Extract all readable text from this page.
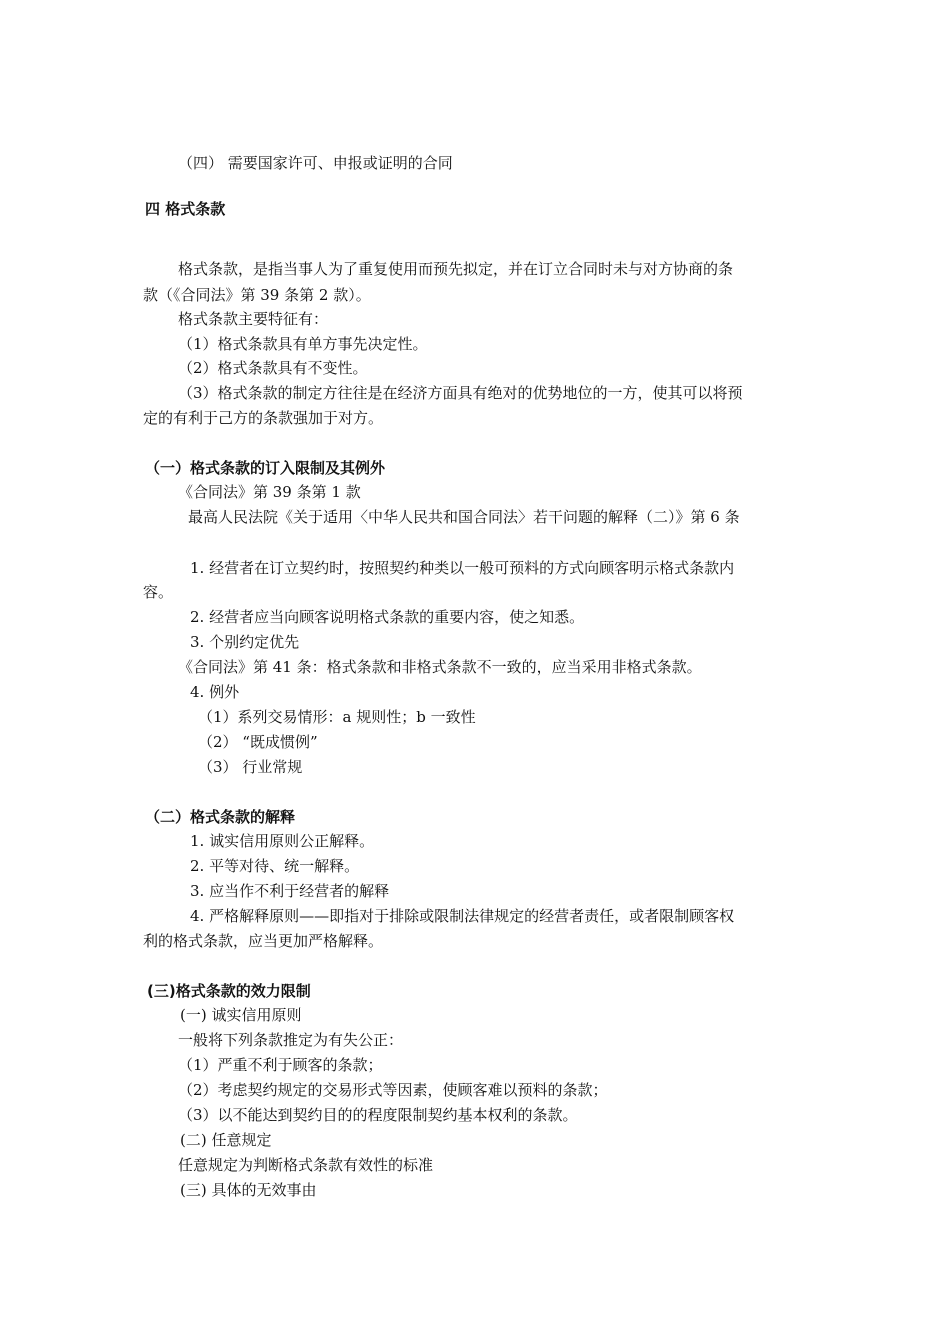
（四） 需要国家许可、申报或证明的合同
四 格式条款
格式条款，是指当事人为了重复使用而预先拟定，并在订立合同时未与对方协商的条
款（《合同法》第 39 条第 2 款）。
格式条款主要特征有：
（1）格式条款具有单方事先决定性。
（2）格式条款具有不变性。
（3）格式条款的制定方往往是在经济方面具有绝对的优势地位的一方，使其可以将预
定的有利于己方的条款强加于对方。
（一）格式条款的订入限制及其例外
《合同法》第 39 条第 1 款
最高人民法院《关于适用〈中华人民共和国合同法〉若干问题的解释（二）》第 6 条
1. 经营者在订立契约时，按照契约种类以一般可预料的方式向顾客明示格式条款内
容。
2. 经营者应当向顾客说明格式条款的重要内容，使之知悉。
3. 个别约定优先
《合同法》第 41 条：格式条款和非格式条款不一致的，应当采用非格式条款。
4. 例外
（1）系列交易情形：a 规则性；b 一致性
（2） “既成惯例”
（3） 行业常规
（二）格式条款的解释
1. 诚实信用原则公正解释。
2. 平等对待、统一解释。
3. 应当作不利于经营者的解释
4. 严格解释原则——即指对于排除或限制法律规定的经营者责任，或者限制顾客权
利的格式条款，应当更加严格解释。
(三)格式条款的效力限制
(一) 诚实信用原则
一般将下列条款推定为有失公正：
（1）严重不利于顾客的条款；
（2）考虑契约规定的交易形式等因素，使顾客难以预料的条款；
（3）以不能达到契约目的的程度限制契约基本权利的条款。
(二) 任意规定
任意规定为判断格式条款有效性的标准
(三) 具体的无效事由
